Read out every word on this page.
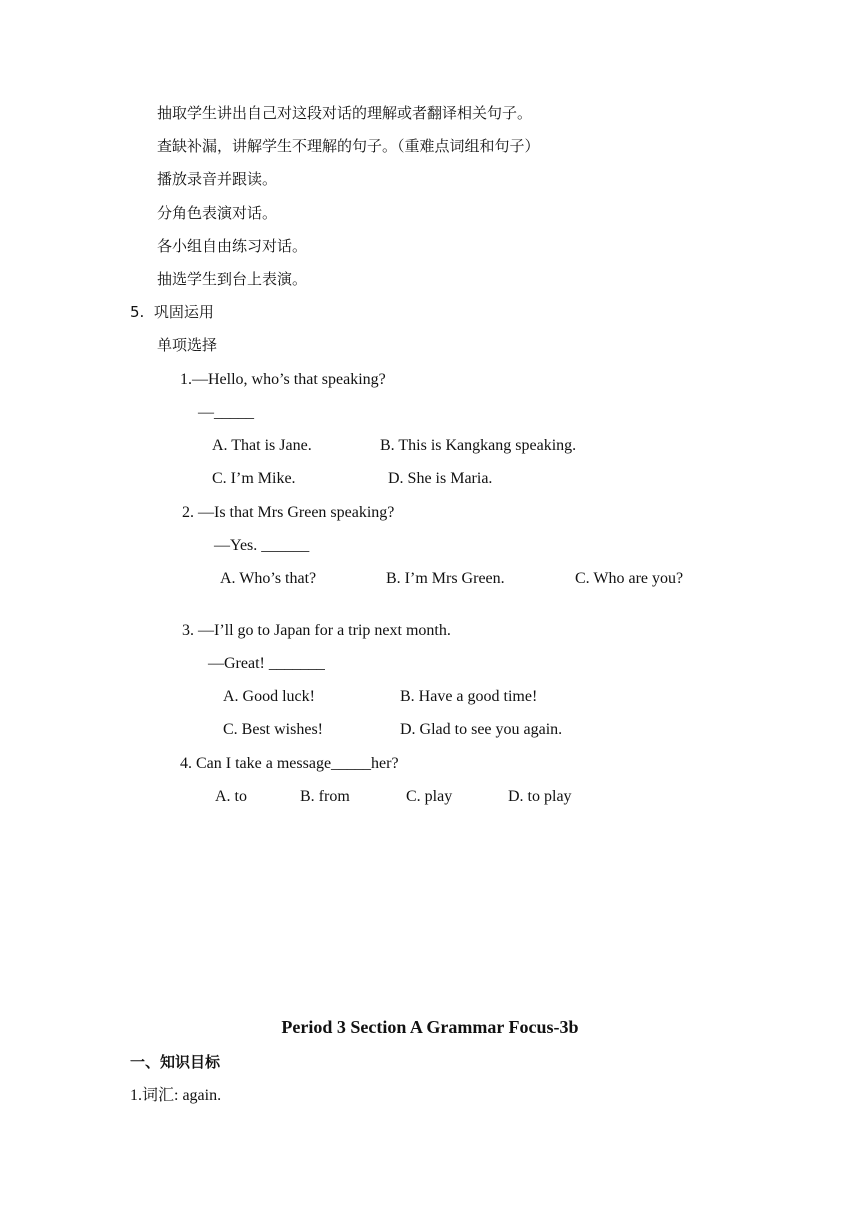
抽取学生讲出自己对这段对话的理解或者翻译相关句子。
查缺补漏，讲解学生不理解的句子。（重难点词组和句子）
播放录音并跟读。
分角色表演对话。
各小组自由练习对话。
抽选学生到台上表演。
5.  巩固运用
单项选择
1.—Hello, who’s that speaking?
—_____
A. That is Jane.	B. This is Kangkang speaking.
C. I’m Mike.	D. She is Maria.
2. —Is that Mrs Green speaking?
—Yes. ______
A. Who’s that?	B. I’m Mrs Green.	C. Who are you?
3. —I’ll go to Japan for a trip next month.
—Great! _______
A. Good luck!	B. Have a good time!
C. Best wishes!	D. Glad to see you again.
4. Can I take a message_____her?
A. to	B. from	C. play	D. to play
Period 3 Section A Grammar Focus-3b
一、知识目标
1.词汇: again.
